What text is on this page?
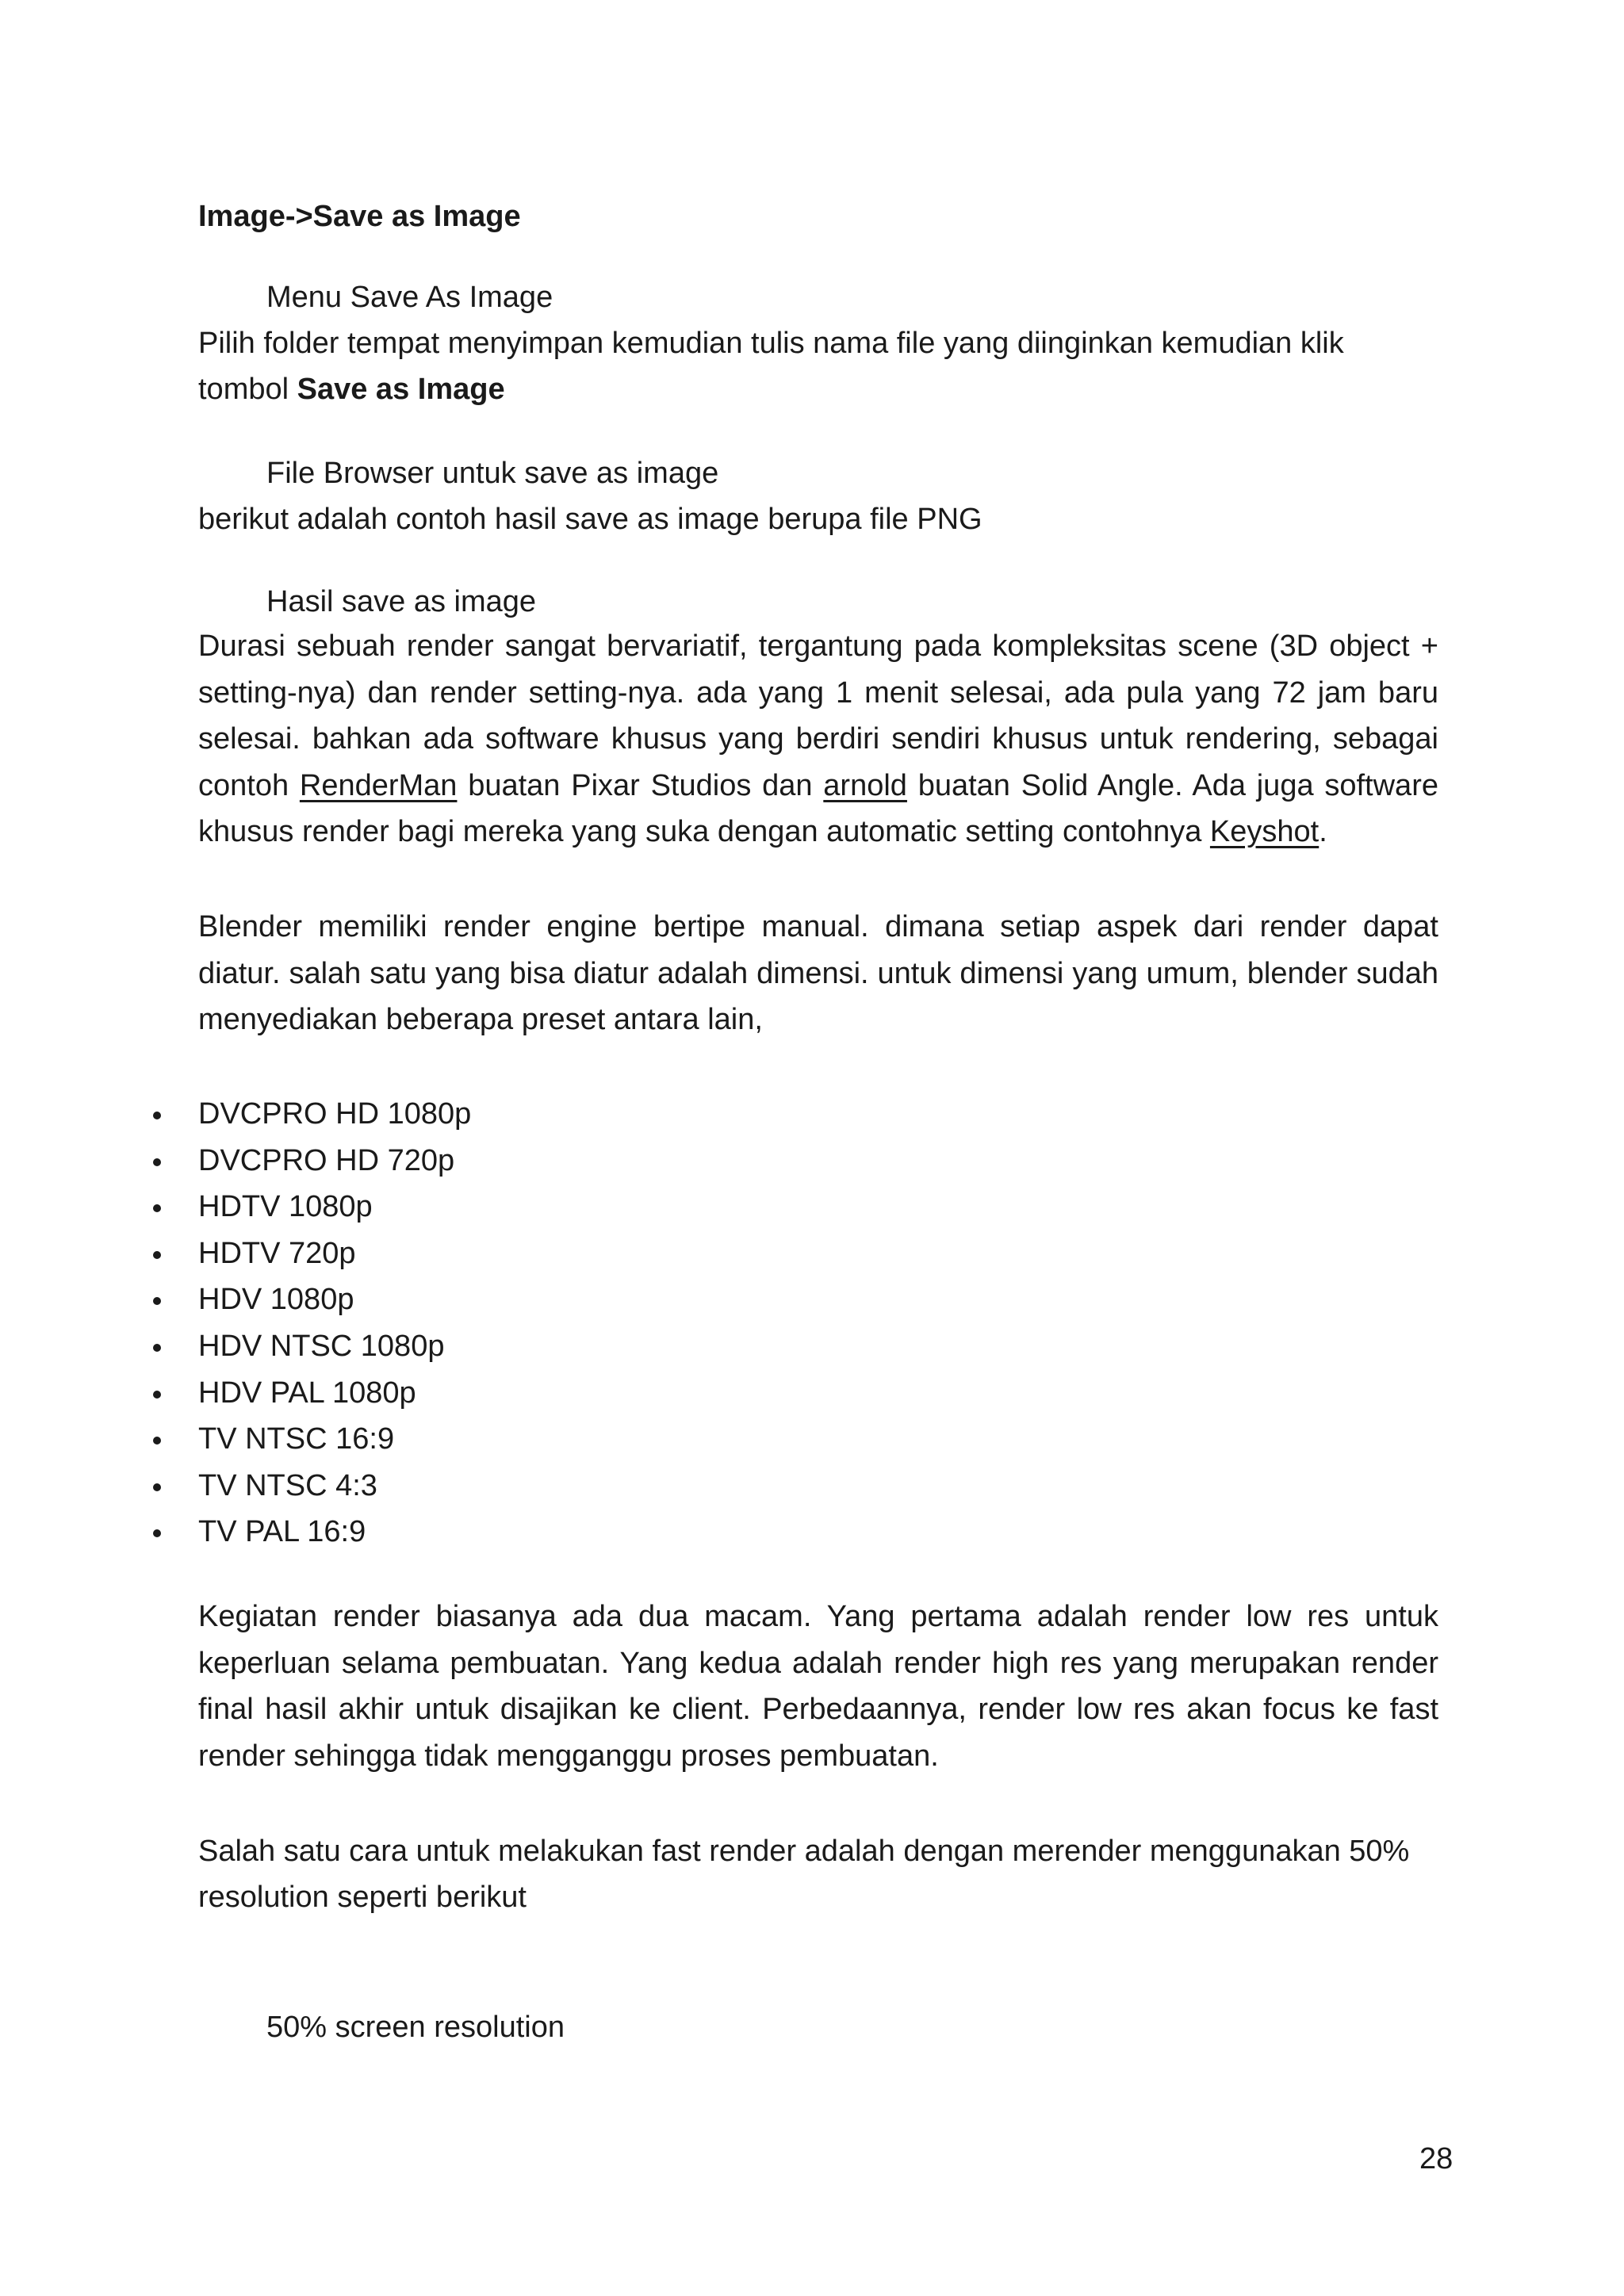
Image->Save as Image
Menu Save As Image
Pilih folder tempat menyimpan kemudian tulis nama file yang diinginkan kemudian klik tombol Save as Image
File Browser untuk save as image
berikut adalah contoh hasil save as image berupa file PNG
Hasil save as image
Durasi sebuah render sangat bervariatif, tergantung pada kompleksitas scene (3D object + setting-nya) dan render setting-nya. ada yang 1 menit selesai, ada pula yang 72 jam baru selesai. bahkan ada software khusus yang berdiri sendiri khusus untuk rendering, sebagai contoh RenderMan buatan Pixar Studios dan arnold buatan Solid Angle. Ada juga software khusus render bagi mereka yang suka dengan automatic setting contohnya Keyshot.
Blender memiliki render engine bertipe manual. dimana setiap aspek dari render dapat diatur. salah satu yang bisa diatur adalah dimensi. untuk dimensi yang umum, blender sudah menyediakan beberapa preset antara lain,
DVCPRO HD 1080p
DVCPRO HD 720p
HDTV 1080p
HDTV 720p
HDV 1080p
HDV NTSC 1080p
HDV PAL 1080p
TV NTSC 16:9
TV NTSC 4:3
TV PAL 16:9
Kegiatan render biasanya ada dua macam. Yang pertama adalah render low res untuk keperluan selama pembuatan. Yang kedua adalah render high res yang merupakan render final hasil akhir untuk disajikan ke client. Perbedaannya, render low res akan focus ke fast render sehingga tidak mengganggu proses pembuatan.
Salah satu cara untuk melakukan fast render adalah dengan merender menggunakan 50% resolution seperti berikut
50% screen resolution
28
